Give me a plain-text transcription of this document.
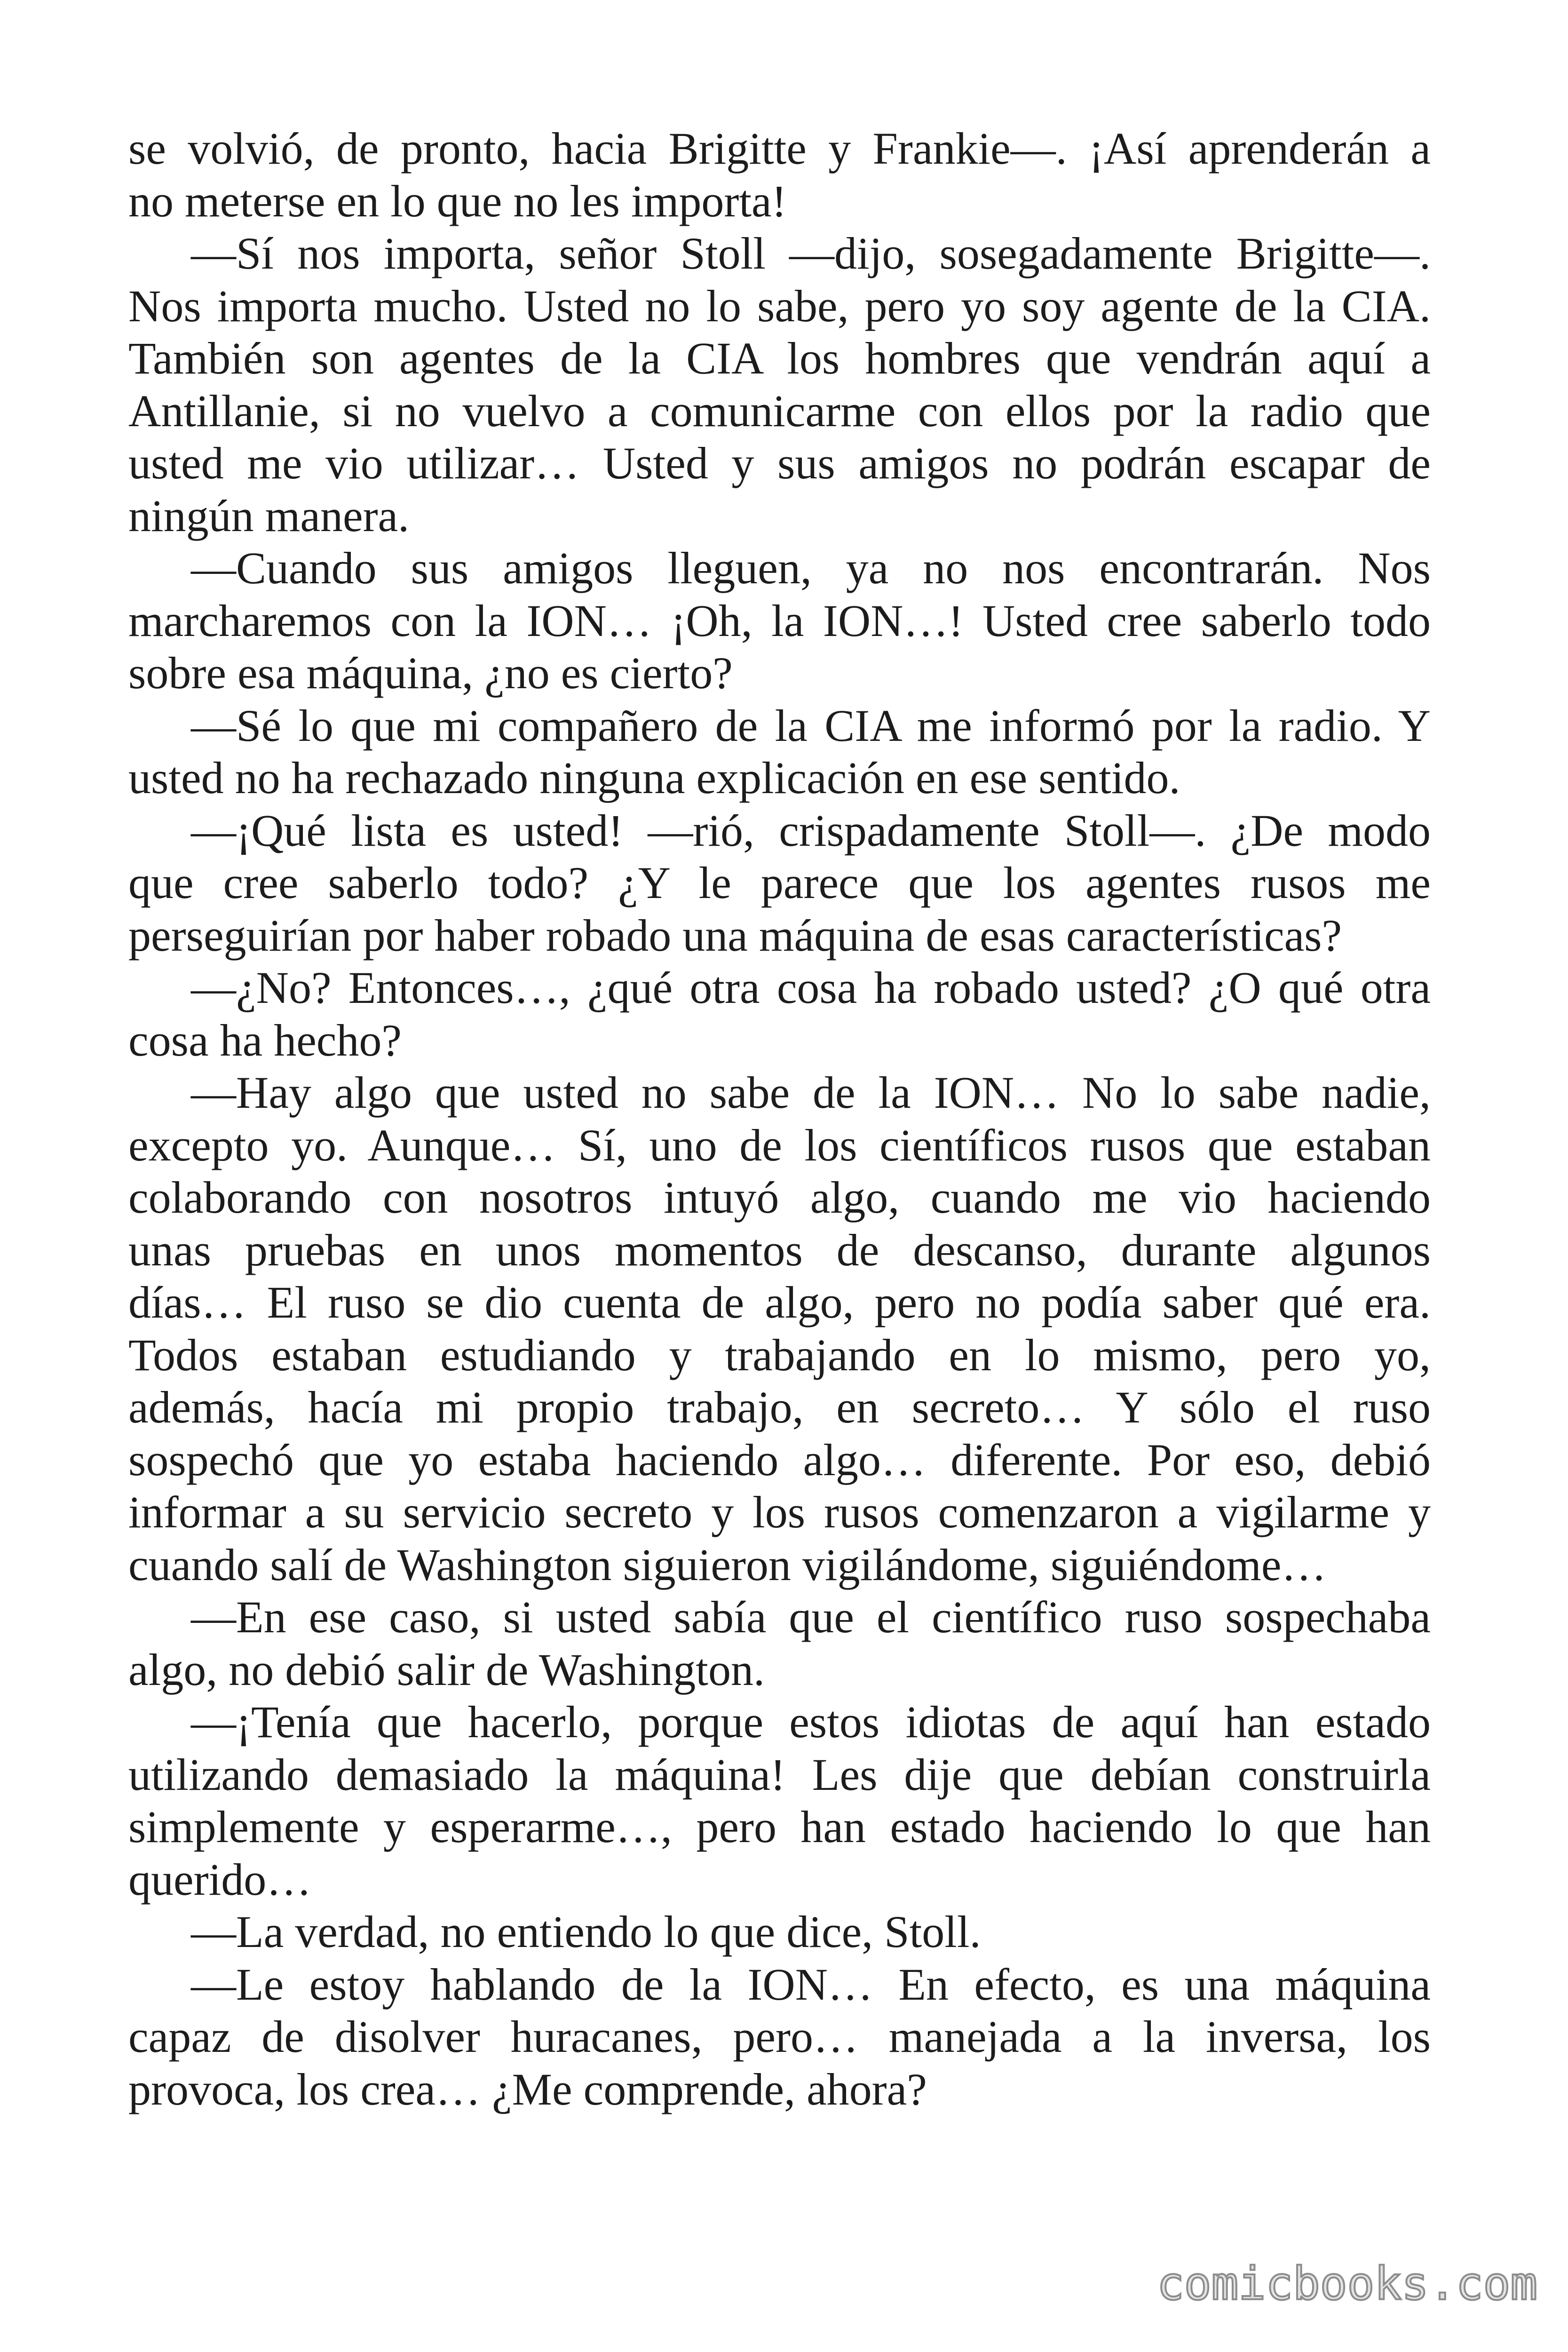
se volvió, de pronto, hacia Brigitte y Frankie—. ¡Así aprenderán a
no meterse en lo que no les importa!
—Sí nos importa, señor Stoll —dijo, sosegadamente Brigitte—.
Nos importa mucho. Usted no lo sabe, pero yo soy agente de la CIA.
También son agentes de la CIA los hombres que vendrán aquí a
Antillanie, si no vuelvo a comunicarme con ellos por la radio que
usted me vio utilizar… Usted y sus amigos no podrán escapar de
ningún manera.
—Cuando sus amigos lleguen, ya no nos encontrarán. Nos
marcharemos con la ION… ¡Oh, la ION…! Usted cree saberlo todo
sobre esa máquina, ¿no es cierto?
—Sé lo que mi compañero de la CIA me informó por la radio. Y
usted no ha rechazado ninguna explicación en ese sentido.
—¡Qué lista es usted! —rió, crispadamente Stoll—. ¿De modo
que cree saberlo todo? ¿Y le parece que los agentes rusos me
perseguirían por haber robado una máquina de esas características?
—¿No? Entonces…, ¿qué otra cosa ha robado usted? ¿O qué otra
cosa ha hecho?
—Hay algo que usted no sabe de la ION… No lo sabe nadie,
excepto yo. Aunque… Sí, uno de los científicos rusos que estaban
colaborando con nosotros intuyó algo, cuando me vio haciendo
unas pruebas en unos momentos de descanso, durante algunos
días… El ruso se dio cuenta de algo, pero no podía saber qué era.
Todos estaban estudiando y trabajando en lo mismo, pero yo,
además, hacía mi propio trabajo, en secreto… Y sólo el ruso
sospechó que yo estaba haciendo algo… diferente. Por eso, debió
informar a su servicio secreto y los rusos comenzaron a vigilarme y
cuando salí de Washington siguieron vigilándome, siguiéndome…
—En ese caso, si usted sabía que el científico ruso sospechaba
algo, no debió salir de Washington.
—¡Tenía que hacerlo, porque estos idiotas de aquí han estado
utilizando demasiado la máquina! Les dije que debían construirla
simplemente y esperarme…, pero han estado haciendo lo que han
querido…
—La verdad, no entiendo lo que dice, Stoll.
—Le estoy hablando de la ION… En efecto, es una máquina
capaz de disolver huracanes, pero… manejada a la inversa, los
provoca, los crea… ¿Me comprende, ahora?
comicbooks.com
